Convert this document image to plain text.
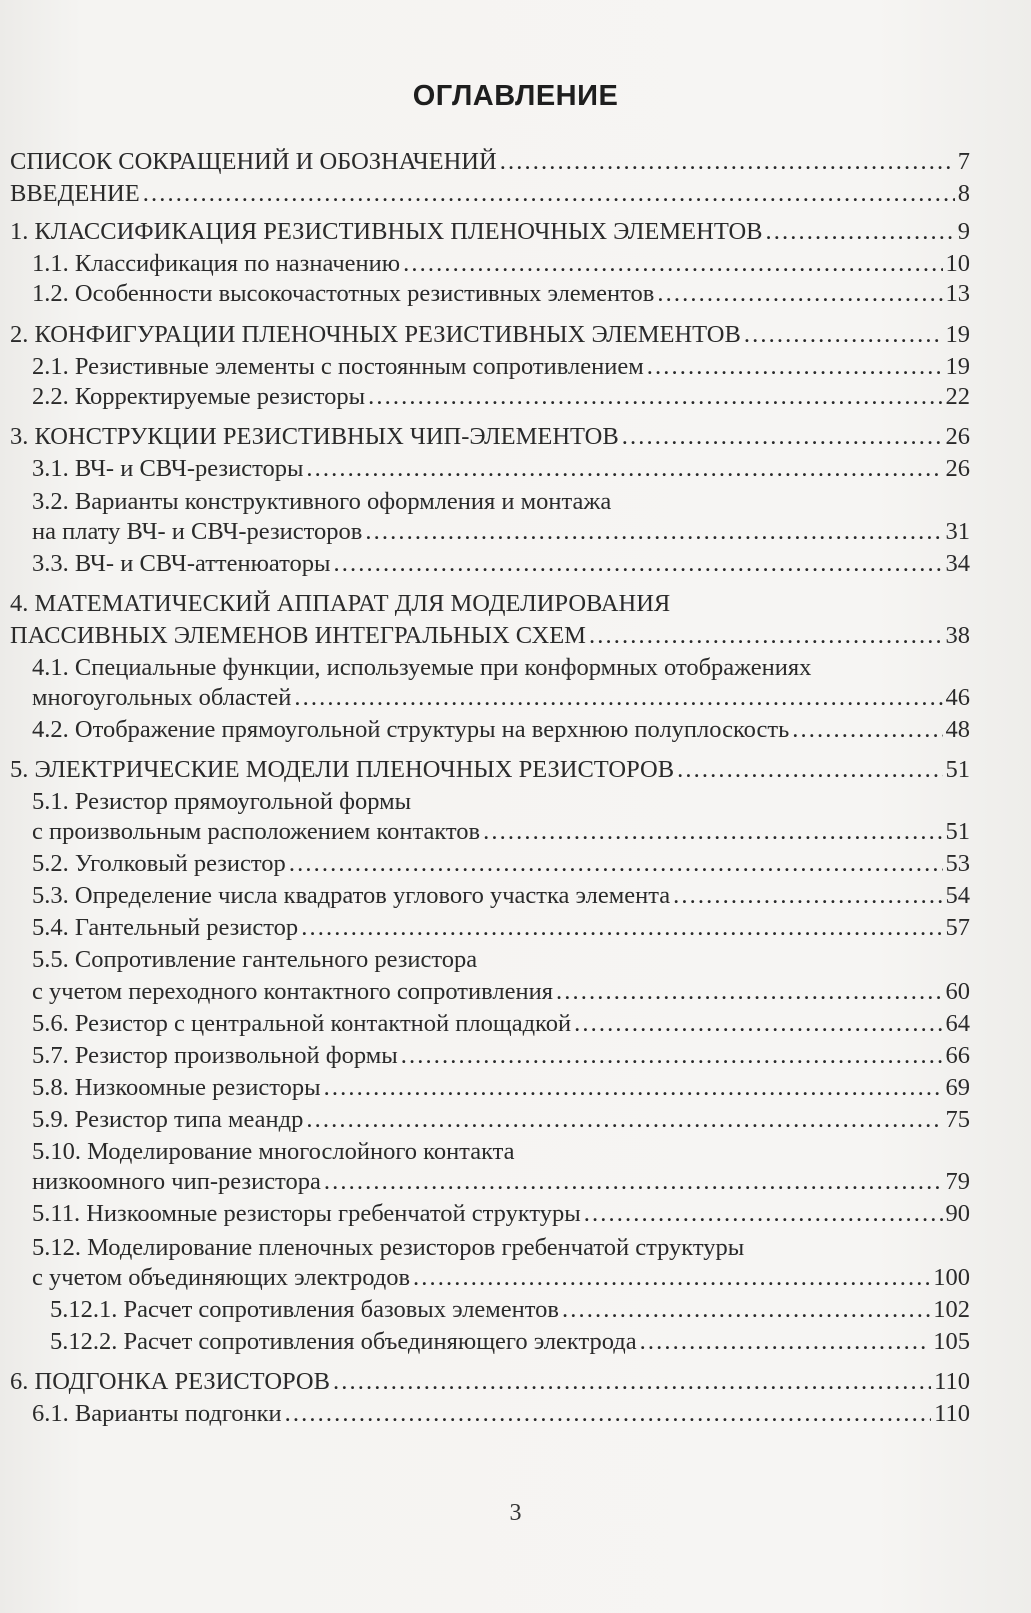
ОГЛАВЛЕНИЕ
СПИСОК СОКРАЩЕНИЙ И ОБОЗНАЧЕНИЙ . . .	7
ВВЕДЕНИЕ . . .	8
1. КЛАССИФИКАЦИЯ РЕЗИСТИВНЫХ ПЛЕНОЧНЫХ ЭЛЕМЕНТОВ . . .	9
1.1. Классификация по назначению . . .	10
1.2. Особенности высокочастотных резистивных элементов . . .	13
2. КОНФИГУРАЦИИ ПЛЕНОЧНЫХ РЕЗИСТИВНЫХ ЭЛЕМЕНТОВ . . .	19
2.1. Резистивные элементы с постоянным сопротивлением . . .	19
2.2. Корректируемые резисторы . . .	22
3. КОНСТРУКЦИИ РЕЗИСТИВНЫХ ЧИП-ЭЛЕМЕНТОВ . . .	26
3.1. ВЧ- и СВЧ-резисторы . . .	26
3.2. Варианты конструктивного оформления и монтажа
на плату ВЧ- и СВЧ-резисторов . . .	31
3.3. ВЧ- и СВЧ-аттенюаторы . . .	34
4. МАТЕМАТИЧЕСКИЙ АППАРАТ ДЛЯ МОДЕЛИРОВАНИЯ
ПАССИВНЫХ ЭЛЕМЕНОВ ИНТЕГРАЛЬНЫХ СХЕМ . . .	38
4.1. Специальные функции, используемые при конформных отображениях
многоугольных областей . . .	46
4.2. Отображение прямоугольной структуры на верхнюю полуплоскость . . .	48
5. ЭЛЕКТРИЧЕСКИЕ МОДЕЛИ ПЛЕНОЧНЫХ РЕЗИСТОРОВ . . .	51
5.1. Резистор прямоугольной формы
с произвольным расположением контактов . . .	51
5.2. Уголковый резистор . . .	53
5.3. Определение числа квадратов углового участка элемента . . .	54
5.4. Гантельный резистор . . .	57
5.5. Сопротивление гантельного резистора
с учетом переходного контактного сопротивления . . .	60
5.6. Резистор с центральной контактной площадкой . . .	64
5.7. Резистор произвольной формы . . .	66
5.8. Низкоомные резисторы . . .	69
5.9. Резистор типа меандр . . .	75
5.10. Моделирование многослойного контакта
низкоомного чип-резистора . . .	79
5.11. Низкоомные резисторы гребенчатой структуры . . .	90
5.12. Моделирование пленочных резисторов гребенчатой структуры
с учетом объединяющих электродов . . .	100
5.12.1. Расчет сопротивления базовых элементов . . .	102
5.12.2. Расчет сопротивления объединяющего электрода . . .	105
6. ПОДГОНКА РЕЗИСТОРОВ . . .	110
6.1. Варианты подгонки . . .	110
3
